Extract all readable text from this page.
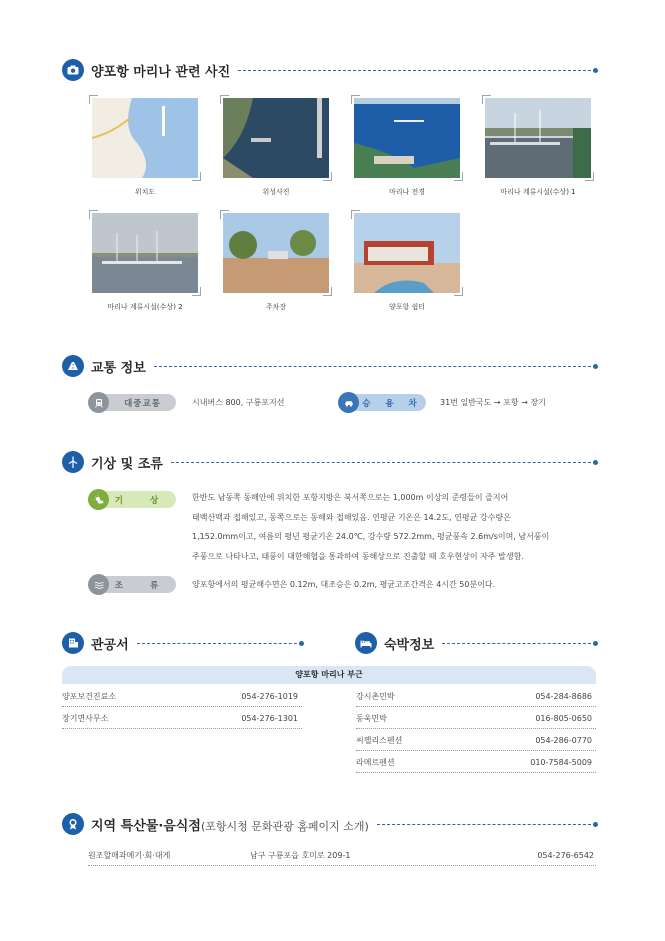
양포항 마리나 관련 사진
위치도	위성사진	마리나 전경	마리나 계류시설(수상) 1
마리나 계류시설(수상) 2	주차장	양포항 쉼터
교통 정보
대중교통	시내버스 800, 구룡포지선	승 용 차	31번 일반국도 → 포항 → 장기
기상 및 조류
기 상	한반도 남동쪽 동해안에 위치한 포항지방은 북서쪽으로는 1,000m 이상의 준령들이 즐지어

태백산맥과 접해있고, 동쪽으로는 동해와 접해있음. 연평균 기온은 14.2도, 연평균 강수량은

1,152.0mm이고, 여름의 평년 평균기온 24.0℃, 강수량 572.2mm, 평균풍속 2.6m/s이며, 남서풍이

주풍으로 나타나고, 태풍이 대한해협을 통과하여 동해상으로 진출할 때 호우현상이 자주 발생함.

조 류	양포항에서의 평균해수면은 0.12m, 대조승은 0.2m, 평균고조간격은 4시간 50분이다.
관공서	숙박정보
양포항 마리나 부근
양포보건진료소	054-276-1019
장기면사무소	054-276-1301
강시촌민박	054-284-8686
동욱민박	016-805-0650
씨팰리스펜션	054-286-0770
라메르펜션	010-7584-5009
지역 특산물·음식점(포항시청 문화관광 홈페이지 소개)
원조할매과메기·회·대게	남구 구룡포읍 호미로 209-1	054-276-6542
